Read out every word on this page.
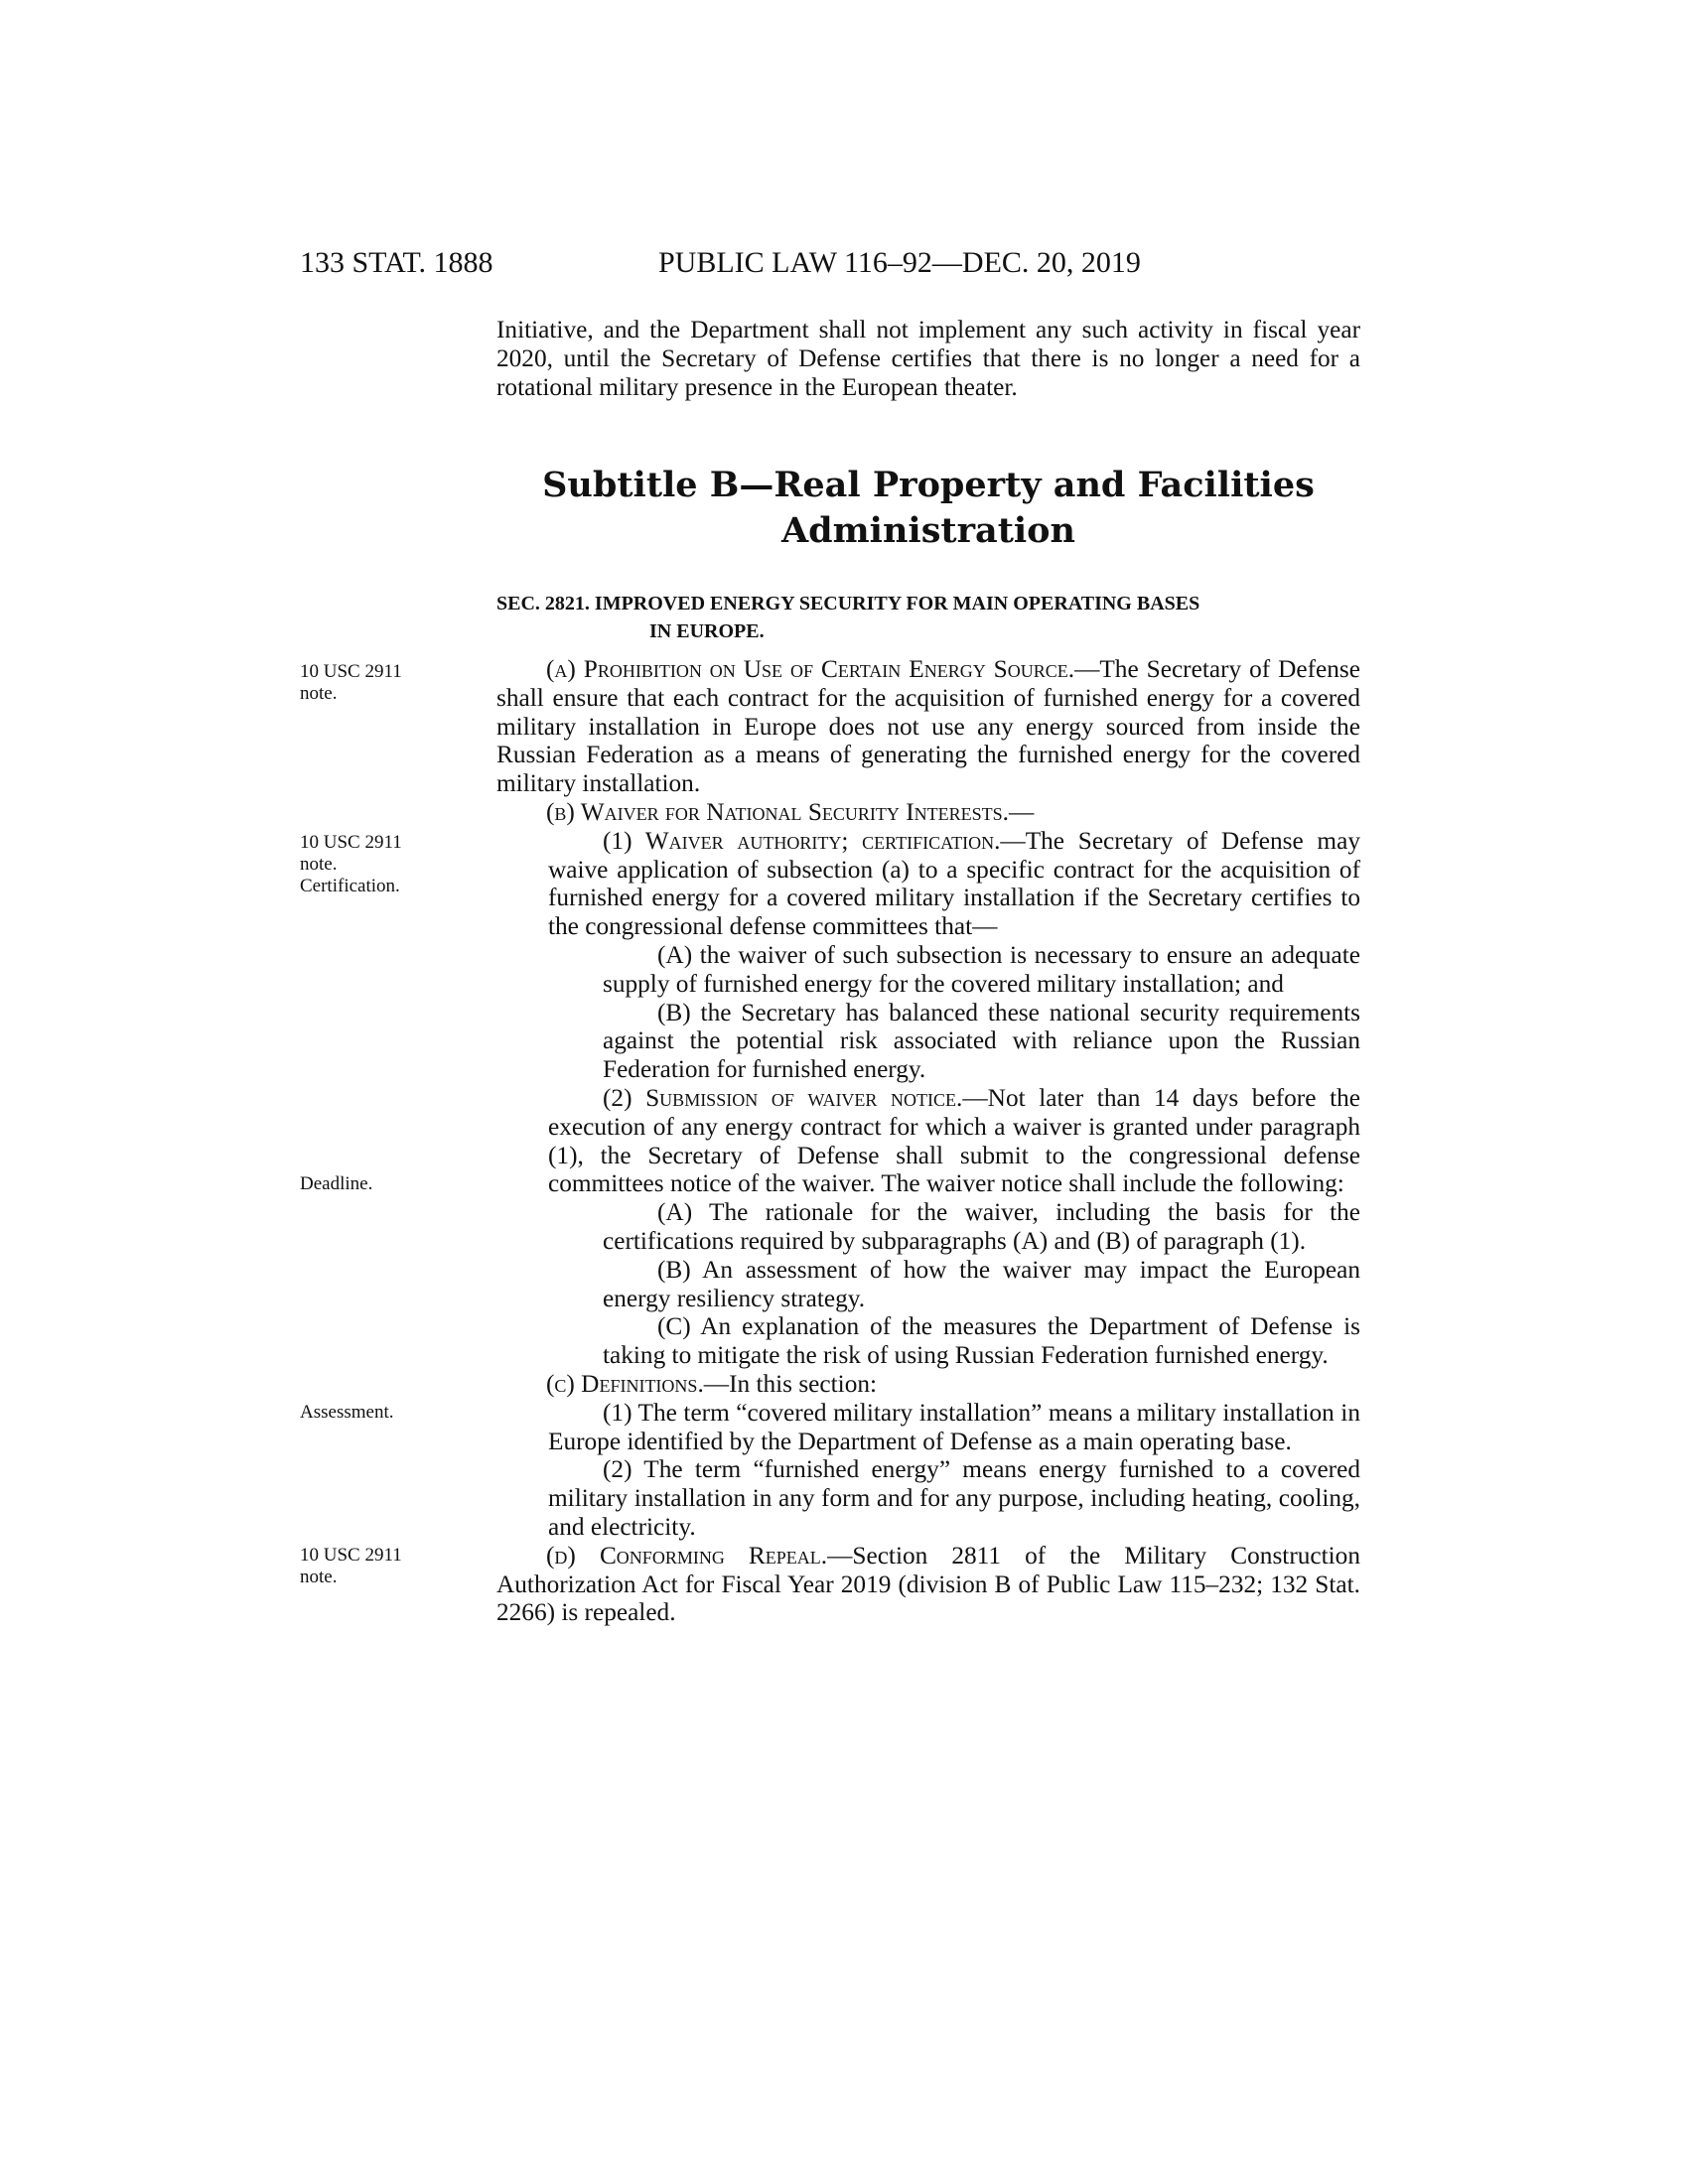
133 STAT. 1888	PUBLIC LAW 116–92—DEC. 20, 2019

Initiative, and the Department shall not implement any such activity in fiscal year 2020, until the Secretary of Defense certifies that there is no longer a need for a rotational military presence in the European theater.

Subtitle B—Real Property and Facilities
Administration
SEC. 2821. IMPROVED ENERGY SECURITY FOR MAIN OPERATING BASES
IN EUROPE.
10 USC 2911
note.
10 USC 2911
note.
Certification.
Deadline.
Assessment.
10 USC 2911
note.

(a) Prohibition on Use of Certain Energy Source.—The Secretary of Defense shall ensure that each contract for the acquisition of furnished energy for a covered military installation in Europe does not use any energy sourced from inside the Russian Federation as a means of generating the furnished energy for the covered military installation.

(b) Waiver for National Security Interests.—

(1) Waiver authority; certification.—The Secretary of Defense may waive application of subsection (a) to a specific contract for the acquisition of furnished energy for a covered military installation if the Secretary certifies to the congressional defense committees that—

(A) the waiver of such subsection is necessary to ensure an adequate supply of furnished energy for the covered military installation; and

(B) the Secretary has balanced these national security requirements against the potential risk associated with reliance upon the Russian Federation for furnished energy.

(2) Submission of waiver notice.—Not later than 14 days before the execution of any energy contract for which a waiver is granted under paragraph (1), the Secretary of Defense shall submit to the congressional defense committees notice of the waiver. The waiver notice shall include the following:

(A) The rationale for the waiver, including the basis for the certifications required by subparagraphs (A) and (B) of paragraph (1).

(B) An assessment of how the waiver may impact the European energy resiliency strategy.

(C) An explanation of the measures the Department of Defense is taking to mitigate the risk of using Russian Federation furnished energy.

(c) Definitions.—In this section:

(1) The term “covered military installation” means a military installation in Europe identified by the Department of Defense as a main operating base.

(2) The term “furnished energy” means energy furnished to a covered military installation in any form and for any purpose, including heating, cooling, and electricity.

(d) Conforming Repeal.—Section 2811 of the Military Construction Authorization Act for Fiscal Year 2019 (division B of Public Law 115–232; 132 Stat. 2266) is repealed.
